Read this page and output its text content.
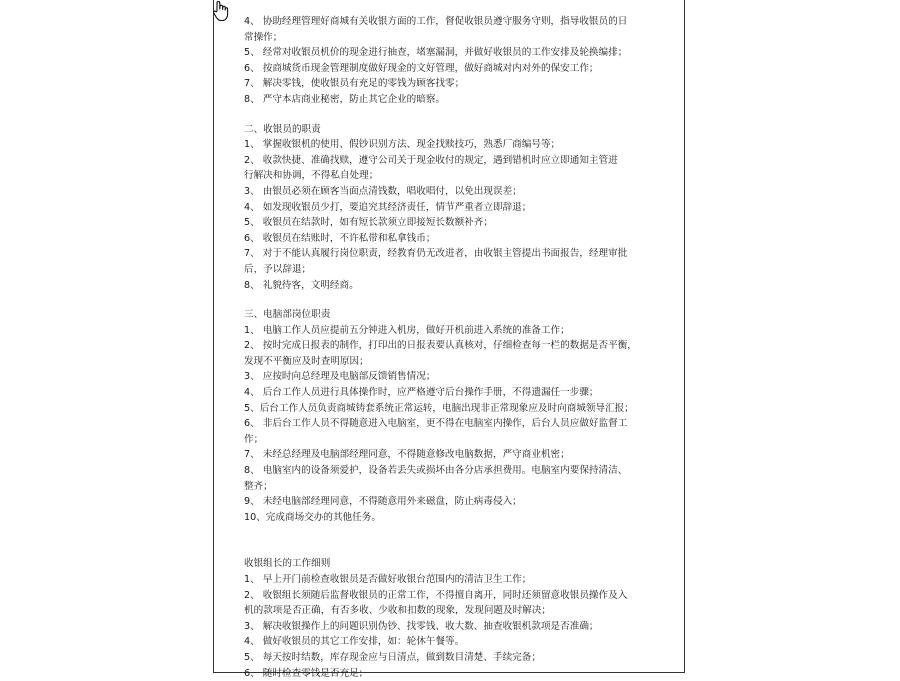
4、 协助经理管理好商城有关收银方面的工作，督促收银员遵守服务守则，指导收银员的日
常操作；
5、 经常对收银员机价的现金进行抽查，堵塞漏洞，并做好收银员的工作安排及轮换编排；
6、 按商城货币现金管理制度做好现金的文好管理，做好商城对内对外的保安工作；
7、 解决零钱，使收银员有充足的零钱为顾客找零；
8、 严守本店商业秘密，防止其它企业的暗察。
二、收银员的职责
1、 掌握收银机的使用、假钞识别方法、现金找赎技巧，熟悉厂商编号等；
2、 收款快捷、准确找赎，遵守公司关于现金收付的规定，遇到错机时应立即通知主管进
行解决和协调，不得私自处理；
3、 由银员必须在顾客当面点清钱数，唱收唱付，以免出现误差；
4、 如发现收银员少打，要追究其经济责任，情节严重者立即辞退；
5、 收银员在结款时，如有短长款须立即接短长数额补齐；
6、 收银员在结账时，不许私带和私拿钱币；
7、 对于不能认真履行岗位职责，经教育仍无改进者，由收银主管提出书面报告，经理审批
后，予以辞退；
8、 礼貌待客，文明经商。
三、电脑部岗位职责
1、 电脑工作人员应提前五分钟进入机房，做好开机前进入系统的准备工作；
2、 按时完成日报表的制作，打印出的日报表要认真核对，仔细检查每一栏的数据是否平衡，
发现不平衡应及时查明原因；
3、 应按时向总经理及电脑部反馈销售情况；
4、 后台工作人员进行具体操作时，应严格遵守后台操作手册，不得遗漏任一步骤；
5、后台工作人员负责商城铸套系统正常运转，电脑出现非正常现象应及时向商城领导汇报；
6、 非后台工作人员不得随意进入电脑室，更不得在电脑室内操作，后台人员应做好监督工
作；
7、 未经总经理及电脑部经理同意，不得随意修改电脑数据，严守商业机密；
8、 电脑室内的设备须爱护，设备若丢失或损坏由各分店承担费用。电脑室内要保持清洁、
整齐；
9、 未经电脑部经理同意，不得随意用外来磁盘，防止病毒侵入；
10、完成商场交办的其他任务。
收银组长的工作细则
1、 早上开门前检查收银员是否做好收银台范围内的清洁卫生工作；
2、 收银组长须随后监督收银员的正常工作，不得擅自离开，同时还须留意收银员操作及入
机的款项是否正确，有否多收、少收和扣数的现象，发现问题及时解决；
3、 解决收银操作上的问题识别伪钞、找零钱、收大数、抽查收银机款项是否准确；
4、 做好收银员的其它工作安排，如：轮休午餐等。
5、 每天按时结数，库存现金应与日清点，做到数目清楚、手续完备；
6、 随时检查零钱是否充足；
